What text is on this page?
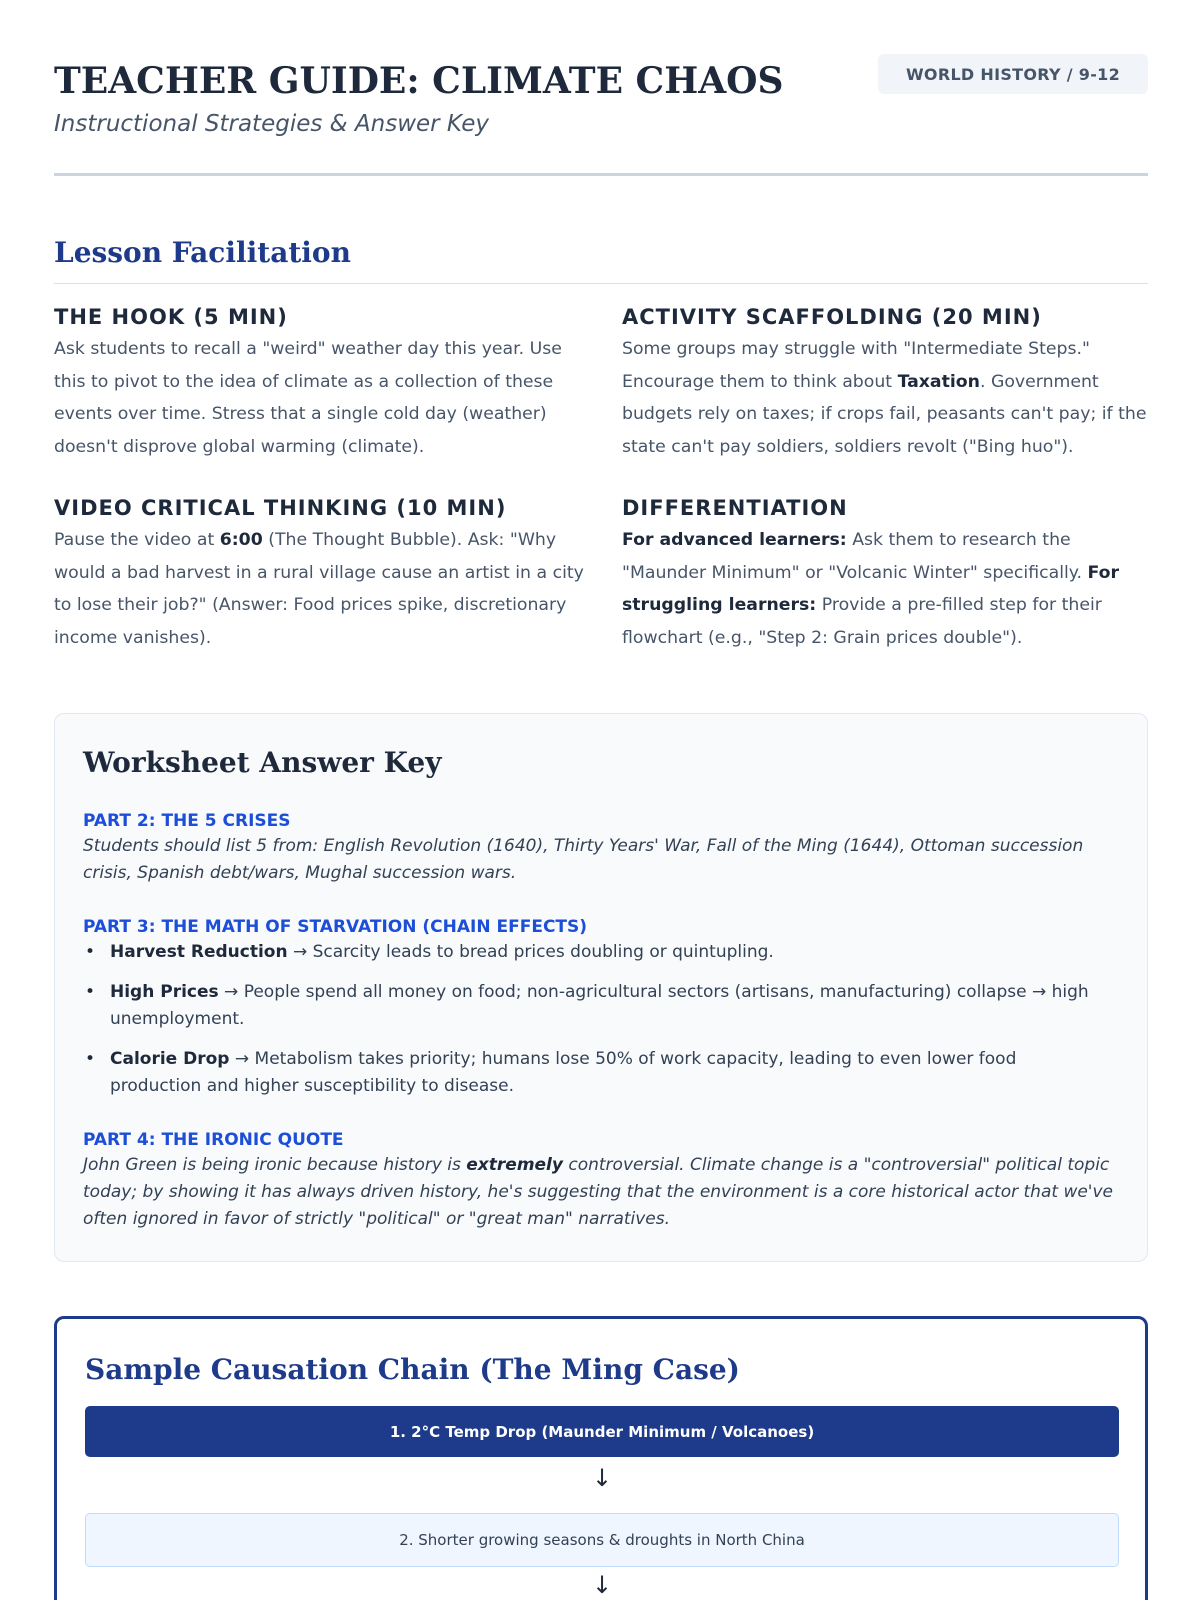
TEACHER GUIDE: CLIMATE CHAOS
Instructional Strategies & Answer Key
WORLD HISTORY / 9-12
Lesson Facilitation
THE HOOK (5 MIN)
Ask students to recall a "weird" weather day this year. Use this to pivot to the idea of climate as a collection of these events over time. Stress that a single cold day (weather) doesn't disprove global warming (climate).
ACTIVITY SCAFFOLDING (20 MIN)
Some groups may struggle with "Intermediate Steps." Encourage them to think about Taxation. Government budgets rely on taxes; if crops fail, peasants can't pay; if the state can't pay soldiers, soldiers revolt ("Bing huo").
VIDEO CRITICAL THINKING (10 MIN)
Pause the video at 6:00 (The Thought Bubble). Ask: "Why would a bad harvest in a rural village cause an artist in a city to lose their job?" (Answer: Food prices spike, discretionary income vanishes).
DIFFERENTIATION
For advanced learners: Ask them to research the "Maunder Minimum" or "Volcanic Winter" specifically. For struggling learners: Provide a pre-filled step for their flowchart (e.g., "Step 2: Grain prices double").
Worksheet Answer Key
PART 2: THE 5 CRISES
Students should list 5 from: English Revolution (1640), Thirty Years' War, Fall of the Ming (1644), Ottoman succession crisis, Spanish debt/wars, Mughal succession wars.
PART 3: THE MATH OF STARVATION (CHAIN EFFECTS)
• Harvest Reduction → Scarcity leads to bread prices doubling or quintupling.
• High Prices → People spend all money on food; non-agricultural sectors (artisans, manufacturing) collapse → high unemployment.
• Calorie Drop → Metabolism takes priority; humans lose 50% of work capacity, leading to even lower food production and higher susceptibility to disease.
PART 4: THE IRONIC QUOTE
John Green is being ironic because history is extremely controversial. Climate change is a "controversial" political topic today; by showing it has always driven history, he's suggesting that the environment is a core historical actor that we've often ignored in favor of strictly "political" or "great man" narratives.
Sample Causation Chain (The Ming Case)
1. 2°C Temp Drop (Maunder Minimum / Volcanoes)
↓
2. Shorter growing seasons & droughts in North China
↓
